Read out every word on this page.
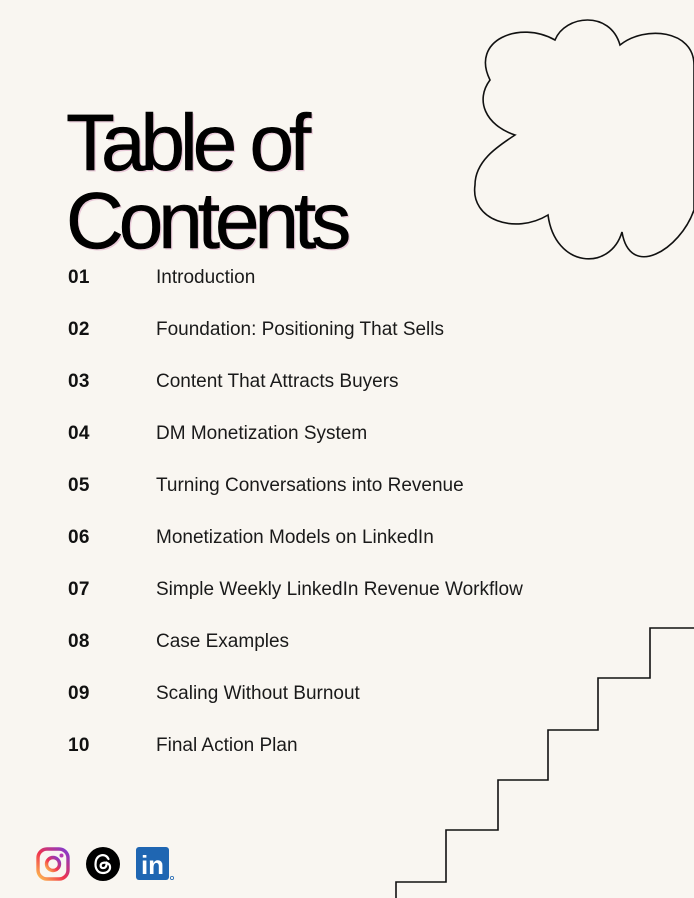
Table of
Contents
01	Introduction
02	Foundation: Positioning That Sells
03	Content That Attracts Buyers
04	DM Monetization System
05	Turning Conversations into Revenue
06	Monetization Models on LinkedIn
07	Simple Weekly LinkedIn Revenue Workflow
08	Case Examples
09	Scaling Without Burnout
10	Final Action Plan
in
